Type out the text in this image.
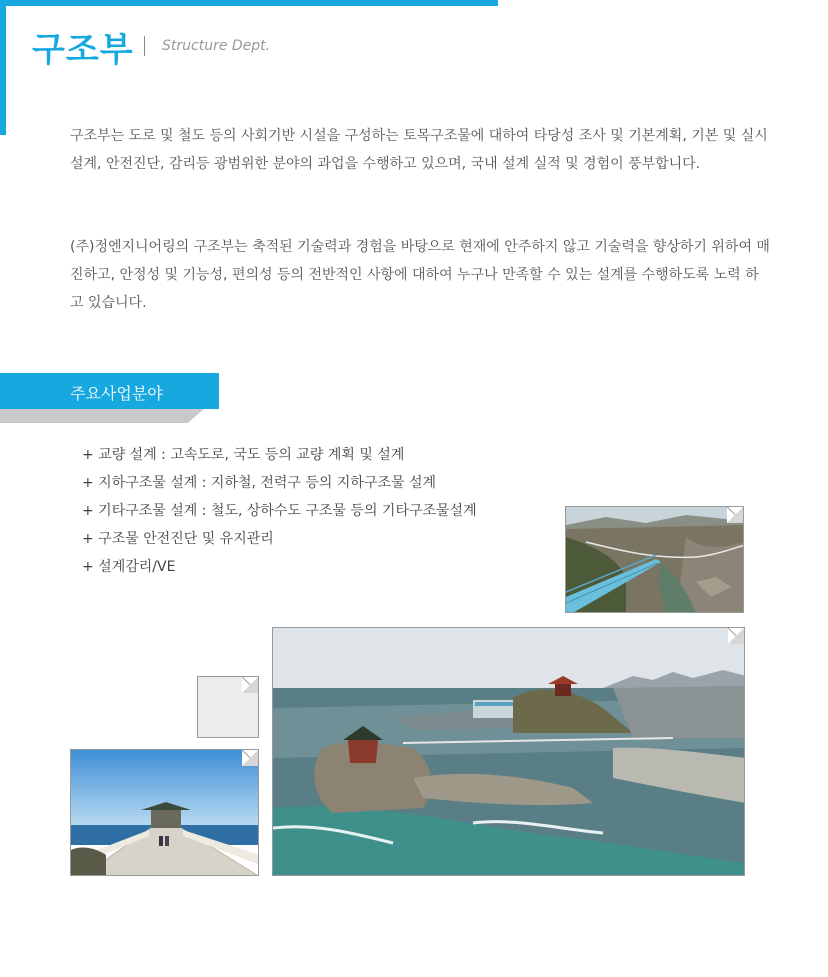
구조부 Structure Dept.

구조부는 도로 및 철도 등의 사회기반 시설을 구성하는 토목구조물에 대하여 타당성 조사 및 기본계획, 기본 및 실시설계, 안전진단, 감리등 광범위한 분야의 과업을 수행하고 있으며, 국내 설계 실적 및 경험이 풍부합니다.

(주)정엔지니어링의 구조부는 축적된 기술력과 경험을 바탕으로 현재에 안주하지 않고 기술력을 향상하기 위하여 매진하고, 안정성 및 기능성, 편의성 등의 전반적인 사항에 대하여 누구나 만족할 수 있는 설계를 수행하도록 노력 하고 있습니다.

주요사업분야
+ 교량 설계 : 고속도로, 국도 등의 교량 계획 및 설계
+ 지하구조물 설계 : 지하철, 전력구 등의 지하구조물 설계
+ 기타구조물 설계 : 철도, 상하수도 구조물 등의 기타구조물설계
+ 구조물 안전진단 및 유지관리
+ 설계감리/VE
